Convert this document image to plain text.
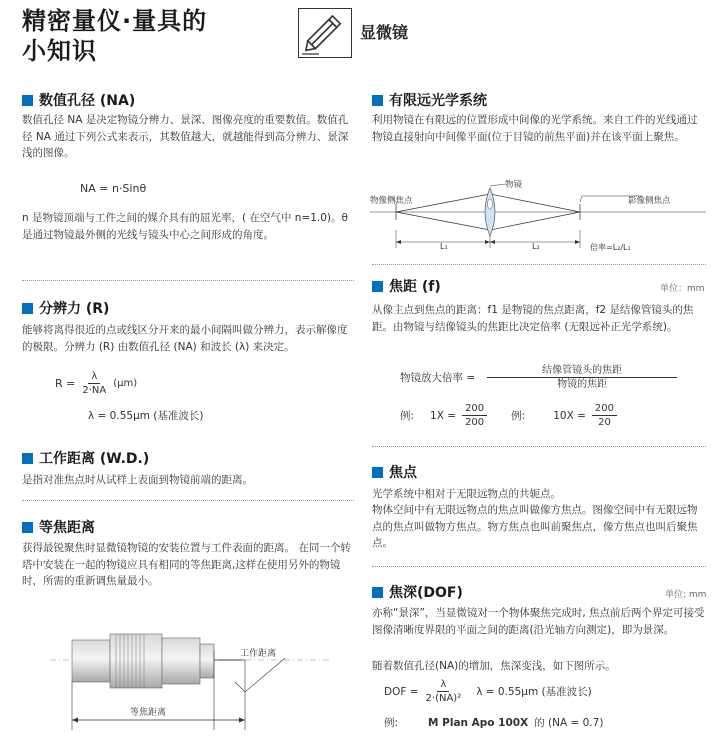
精密量仪·量具的
小知识
显微镜
数值孔径 (NA)
数值孔径 NA 是决定物镜分辨力、景深、图像亮度的重要数值。数值孔径 NA 通过下列公式来表示，其数值越大，就越能得到高分辨力、景深浅的图像。
NA = n·Sinθ
n 是物镜顶端与工件之间的媒介具有的屈光率，( 在空气中 n=1.0)。θ 是通过物镜最外侧的光线与镜头中心之间形成的角度。
分辨力 (R)
能够将离得很近的点或线区分开来的最小间隔叫做分辨力，表示解像度的极限。分辨力 (R) 由数值孔径 (NA) 和波长 (λ) 来决定。
$R = \frac{\lambda}{2\cdot NA} (\mu m)$
λ = 0.55μm (基准波长)
工作距离 (W.D.)
是指对准焦点时从试样上表面到物镜前端的距离。
等焦距离
获得最锐聚焦时显微镜物镜的安装位置与工件表面的距离。 在同一个转塔中安装在一起的物镜应具有相同的等焦距离,这样在使用另外的物镜时，所需的重新调焦量最小。
工作距离
等焦距离
有限远光学系统
利用物镜在有限远的位置形成中间像的光学系统。来自工件的光线通过物镜直接射向中间像平面(位于目镜的前焦平面)并在该平面上聚焦。
物镜
物像侧焦点	影像侧焦点
L₁	L₂	倍率=L₂/L₁
焦距 (f)	单位：mm
从像主点到焦点的距离：f1 是物镜的焦点距离，f2 是结像管镜头的焦距。由物镜与结像镜头的焦距比决定倍率 (无限远补正光学系统)。
物镜放大倍率 = $\frac{\text{结像管镜头的焦距}}{\text{物镜的焦距}}$
例: $1X = \frac{200}{200}$ 例:	$10X = \frac{200}{20}$
焦点
光学系统中相对于无限远物点的共轭点。
物体空间中有无限远物点的焦点叫做像方焦点。图像空间中有无限远物点的焦点叫做物方焦点。物方焦点也叫前聚焦点，像方焦点也叫后聚焦点。
焦深(DOF)	单位: mm
亦称“景深”，当显微镜对一个物体聚焦完成时, 焦点前后两个界定可接受图像清晰度界限的平面之间的距离(沿光轴方向测定)，即为景深。
随着数值孔径(NA)的增加，焦深变浅，如下图所示。
DOF = $\frac{\lambda}{\text{2·(NA)²}}$ λ = 0.55μm (基准波长)
例:	M Plan Apo 100X 的 (NA = 0.7)
